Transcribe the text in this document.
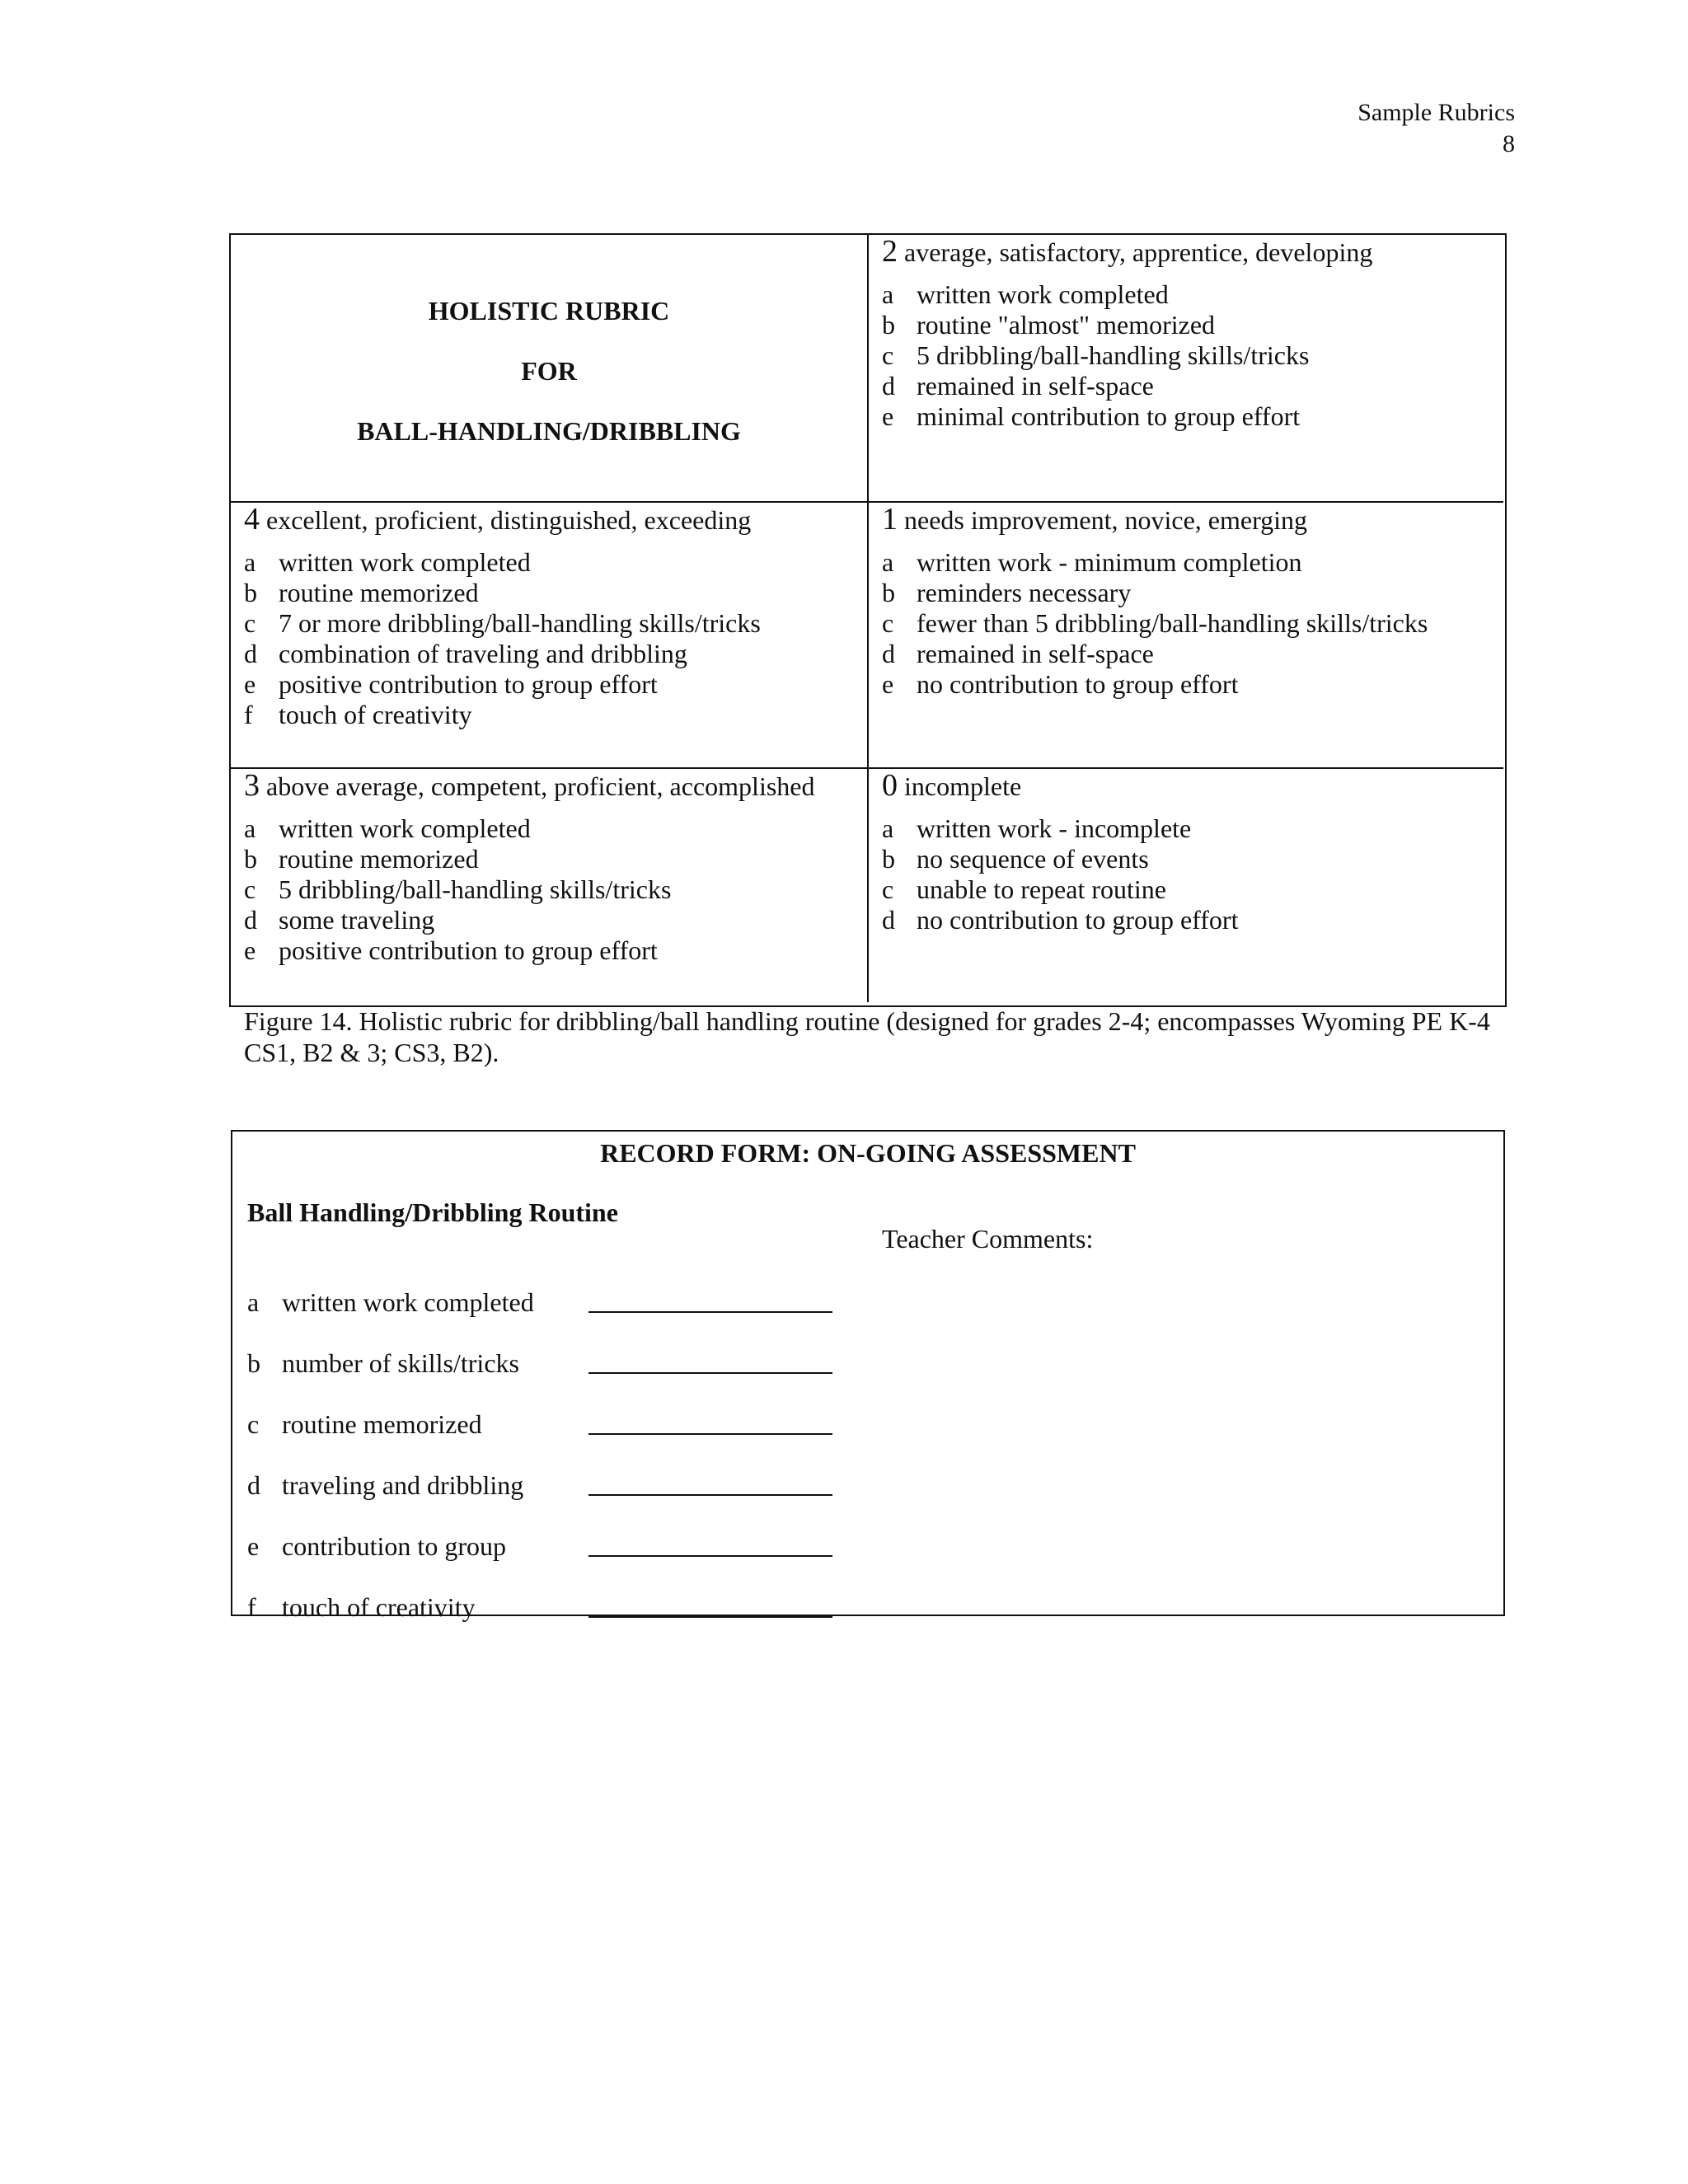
Sample Rubrics
8
HOLISTIC RUBRIC
FOR
BALL-HANDLING/DRIBBLING
2 average, satisfactory, apprentice, developing
a written work completed
b routine "almost" memorized
c 5 dribbling/ball-handling skills/tricks
d remained in self-space
e minimal contribution to group effort
4 excellent, proficient, distinguished, exceeding
a written work completed
b routine memorized
c 7 or more dribbling/ball-handling skills/tricks
d combination of traveling and dribbling
e positive contribution to group effort
f touch of creativity
1 needs improvement, novice, emerging
a written work - minimum completion
b reminders necessary
c fewer than 5 dribbling/ball-handling skills/tricks
d remained in self-space
e no contribution to group effort
3 above average, competent, proficient, accomplished
a written work completed
b routine memorized
c 5 dribbling/ball-handling skills/tricks
d some traveling
e positive contribution to group effort
0 incomplete
a written work - incomplete
b no sequence of events
c unable to repeat routine
d no contribution to group effort
Figure 14. Holistic rubric for dribbling/ball handling routine (designed for grades 2-4; encompasses Wyoming PE K-4 CS1, B2 & 3; CS3, B2).
RECORD FORM: ON-GOING ASSESSMENT
Ball Handling/Dribbling Routine
Teacher Comments:
a written work completed
b number of skills/tricks
c routine memorized
d traveling and dribbling
e contribution to group
f touch of creativity
